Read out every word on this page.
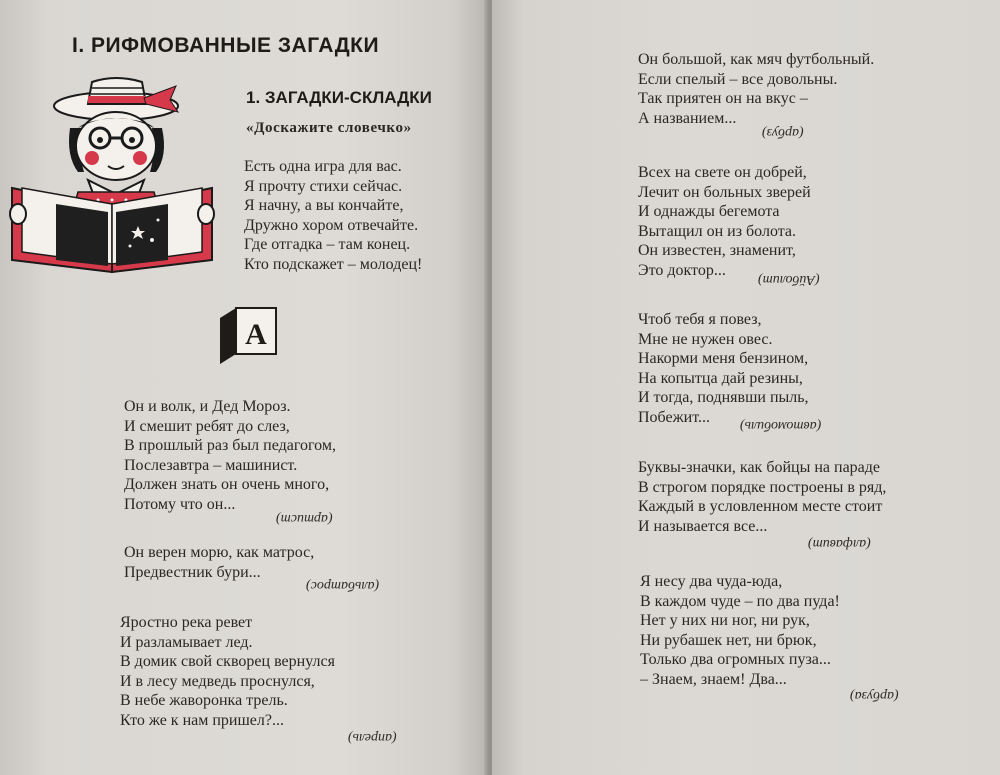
I. РИФМОВАННЫЕ ЗАГАДКИ
1. ЗАГАДКИ-СКЛАДКИ
«Доскажите словечко»
Есть одна игра для вас.
Я прочту стихи сейчас.
Я начну, а вы кончайте,
Дружно хором отвечайте.
Где отгадка – там конец.
Кто подскажет – молодец!
А
Он и волк, и Дед Мороз.
И смешит ребят до слез,
В прошлый раз был педагогом,
Послезавтра – машинист.
Должен знать он очень много,
Потому что он...
(артист)
Он верен морю, как матрос,
Предвестник бури...
(альбатрос)
Яростно река ревет
И разламывает лед.
В домик свой скворец вернулся
И в лесу медведь проснулся,
В небе жаворонка трель.
Кто же к нам пришел?...
(апрель)
Он большой, как мяч футбольный.
Если спелый – все довольны.
Так приятен он на вкус –
А названием...
(арбуз)
Всех на свете он добрей,
Лечит он больных зверей
И однажды бегемота
Вытащил он из болота.
Он известен, знаменит,
Это доктор...
(Айболит)
Чтоб тебя я повез,
Мне не нужен овес.
Накорми меня бензином,
На копытца дай резины,
И тогда, поднявши пыль,
Побежит...	(автомобиль)
Буквы-значки, как бойцы на параде
В строгом порядке построены в ряд,
Каждый в условленном месте стоит
И называется все...
(алфавит)
Я несу два чуда-юда,
В каждом чуде – по два пуда!
Нет у них ни ног, ни рук,
Ни рубашек нет, ни брюк,
Только два огромных пуза...
– Знаем, знаем! Два...
(арбуза)
